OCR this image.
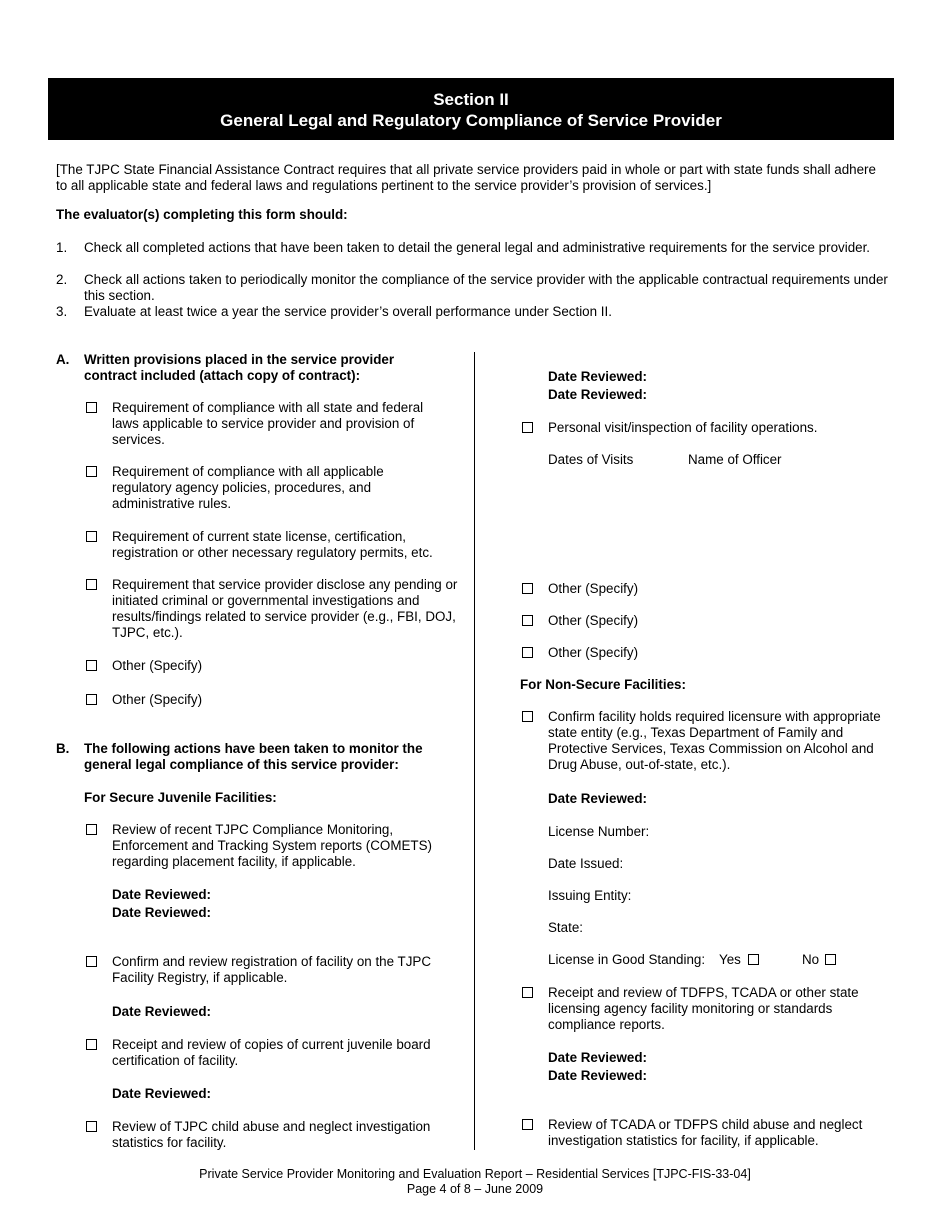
Section II
General Legal and Regulatory Compliance of Service Provider
[The TJPC State Financial Assistance Contract requires that all private service providers paid in whole or part with state funds shall adhere to all applicable state and federal laws and regulations pertinent to the service provider’s provision of services.]
The evaluator(s) completing this form should:
1. Check all completed actions that have been taken to detail the general legal and administrative requirements for the service provider.
2. Check all actions taken to periodically monitor the compliance of the service provider with the applicable contractual requirements under this section.
3. Evaluate at least twice a year the service provider’s overall performance under Section II.
A. Written provisions placed in the service provider contract included (attach copy of contract):
Requirement of compliance with all state and federal laws applicable to service provider and provision of services.
Requirement of compliance with all applicable regulatory agency policies, procedures, and administrative rules.
Requirement of current state license, certification, registration or other necessary regulatory permits, etc.
Requirement that service provider disclose any pending or initiated criminal or governmental investigations and results/findings related to service provider (e.g., FBI, DOJ, TJPC, etc.).
Other (Specify)
Other (Specify)
B. The following actions have been taken to monitor the general legal compliance of this service provider:
For Secure Juvenile Facilities:
Review of recent TJPC Compliance Monitoring, Enforcement and Tracking System reports (COMETS) regarding placement facility, if applicable.
Date Reviewed:
Date Reviewed:
Confirm and review registration of facility on the TJPC Facility Registry, if applicable.
Date Reviewed:
Receipt and review of copies of current juvenile board certification of facility.
Date Reviewed:
Review of TJPC child abuse and neglect investigation statistics for facility.
Date Reviewed:
Date Reviewed:
Personal visit/inspection of facility operations.
Dates of Visits	Name of Officer
Other (Specify)
Other (Specify)
Other (Specify)
For Non-Secure Facilities:
Confirm facility holds required licensure with appropriate state entity (e.g., Texas Department of Family and Protective Services, Texas Commission on Alcohol and Drug Abuse, out-of-state, etc.).
Date Reviewed:
License Number:
Date Issued:
Issuing Entity:
State:
License in Good Standing: Yes	No
Receipt and review of TDFPS, TCADA or other state licensing agency facility monitoring or standards compliance reports.
Date Reviewed:
Date Reviewed:
Review of TCADA or TDFPS child abuse and neglect investigation statistics for facility, if applicable.
Private Service Provider Monitoring and Evaluation Report – Residential Services [TJPC-FIS-33-04]
Page 4 of 8 – June 2009
